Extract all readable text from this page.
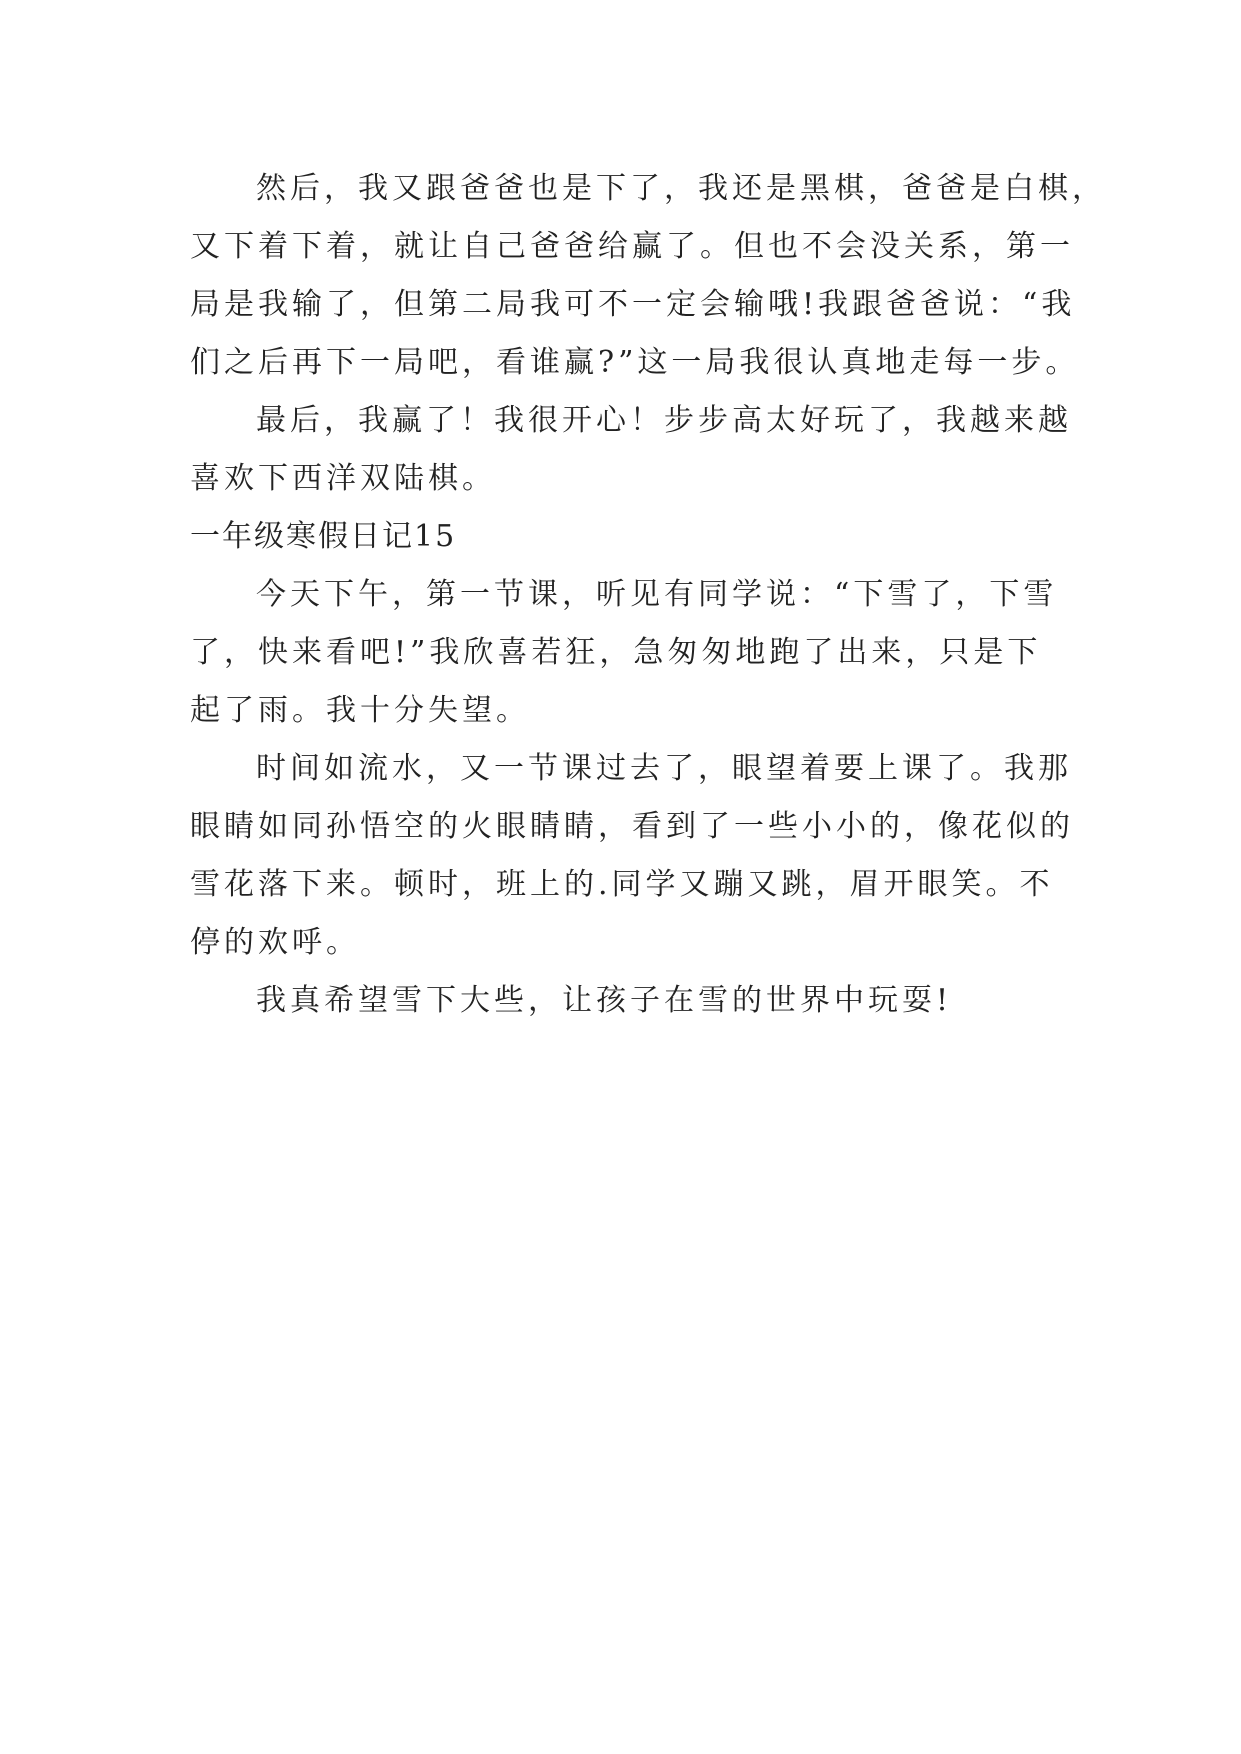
然后，我又跟爸爸也是下了，我还是黑棋，爸爸是白棋，
又下着下着，就让自己爸爸给赢了。但也不会没关系，第一
局是我输了，但第二局我可不一定会输哦!我跟爸爸说：“我
们之后再下一局吧，看谁赢?”这一局我很认真地走每一步。
最后，我赢了！我很开心！步步高太好玩了，我越来越
喜欢下西洋双陆棋。
一年级寒假日记15
今天下午，第一节课，听见有同学说：“下雪了，下雪
了，快来看吧!”我欣喜若狂，急匆匆地跑了出来，只是下
起了雨。我十分失望。
时间如流水，又一节课过去了，眼望着要上课了。我那
眼睛如同孙悟空的火眼睛睛，看到了一些小小的，像花似的
雪花落下来。顿时，班上的.同学又蹦又跳，眉开眼笑。不
停的欢呼。
我真希望雪下大些，让孩子在雪的世界中玩耍!
